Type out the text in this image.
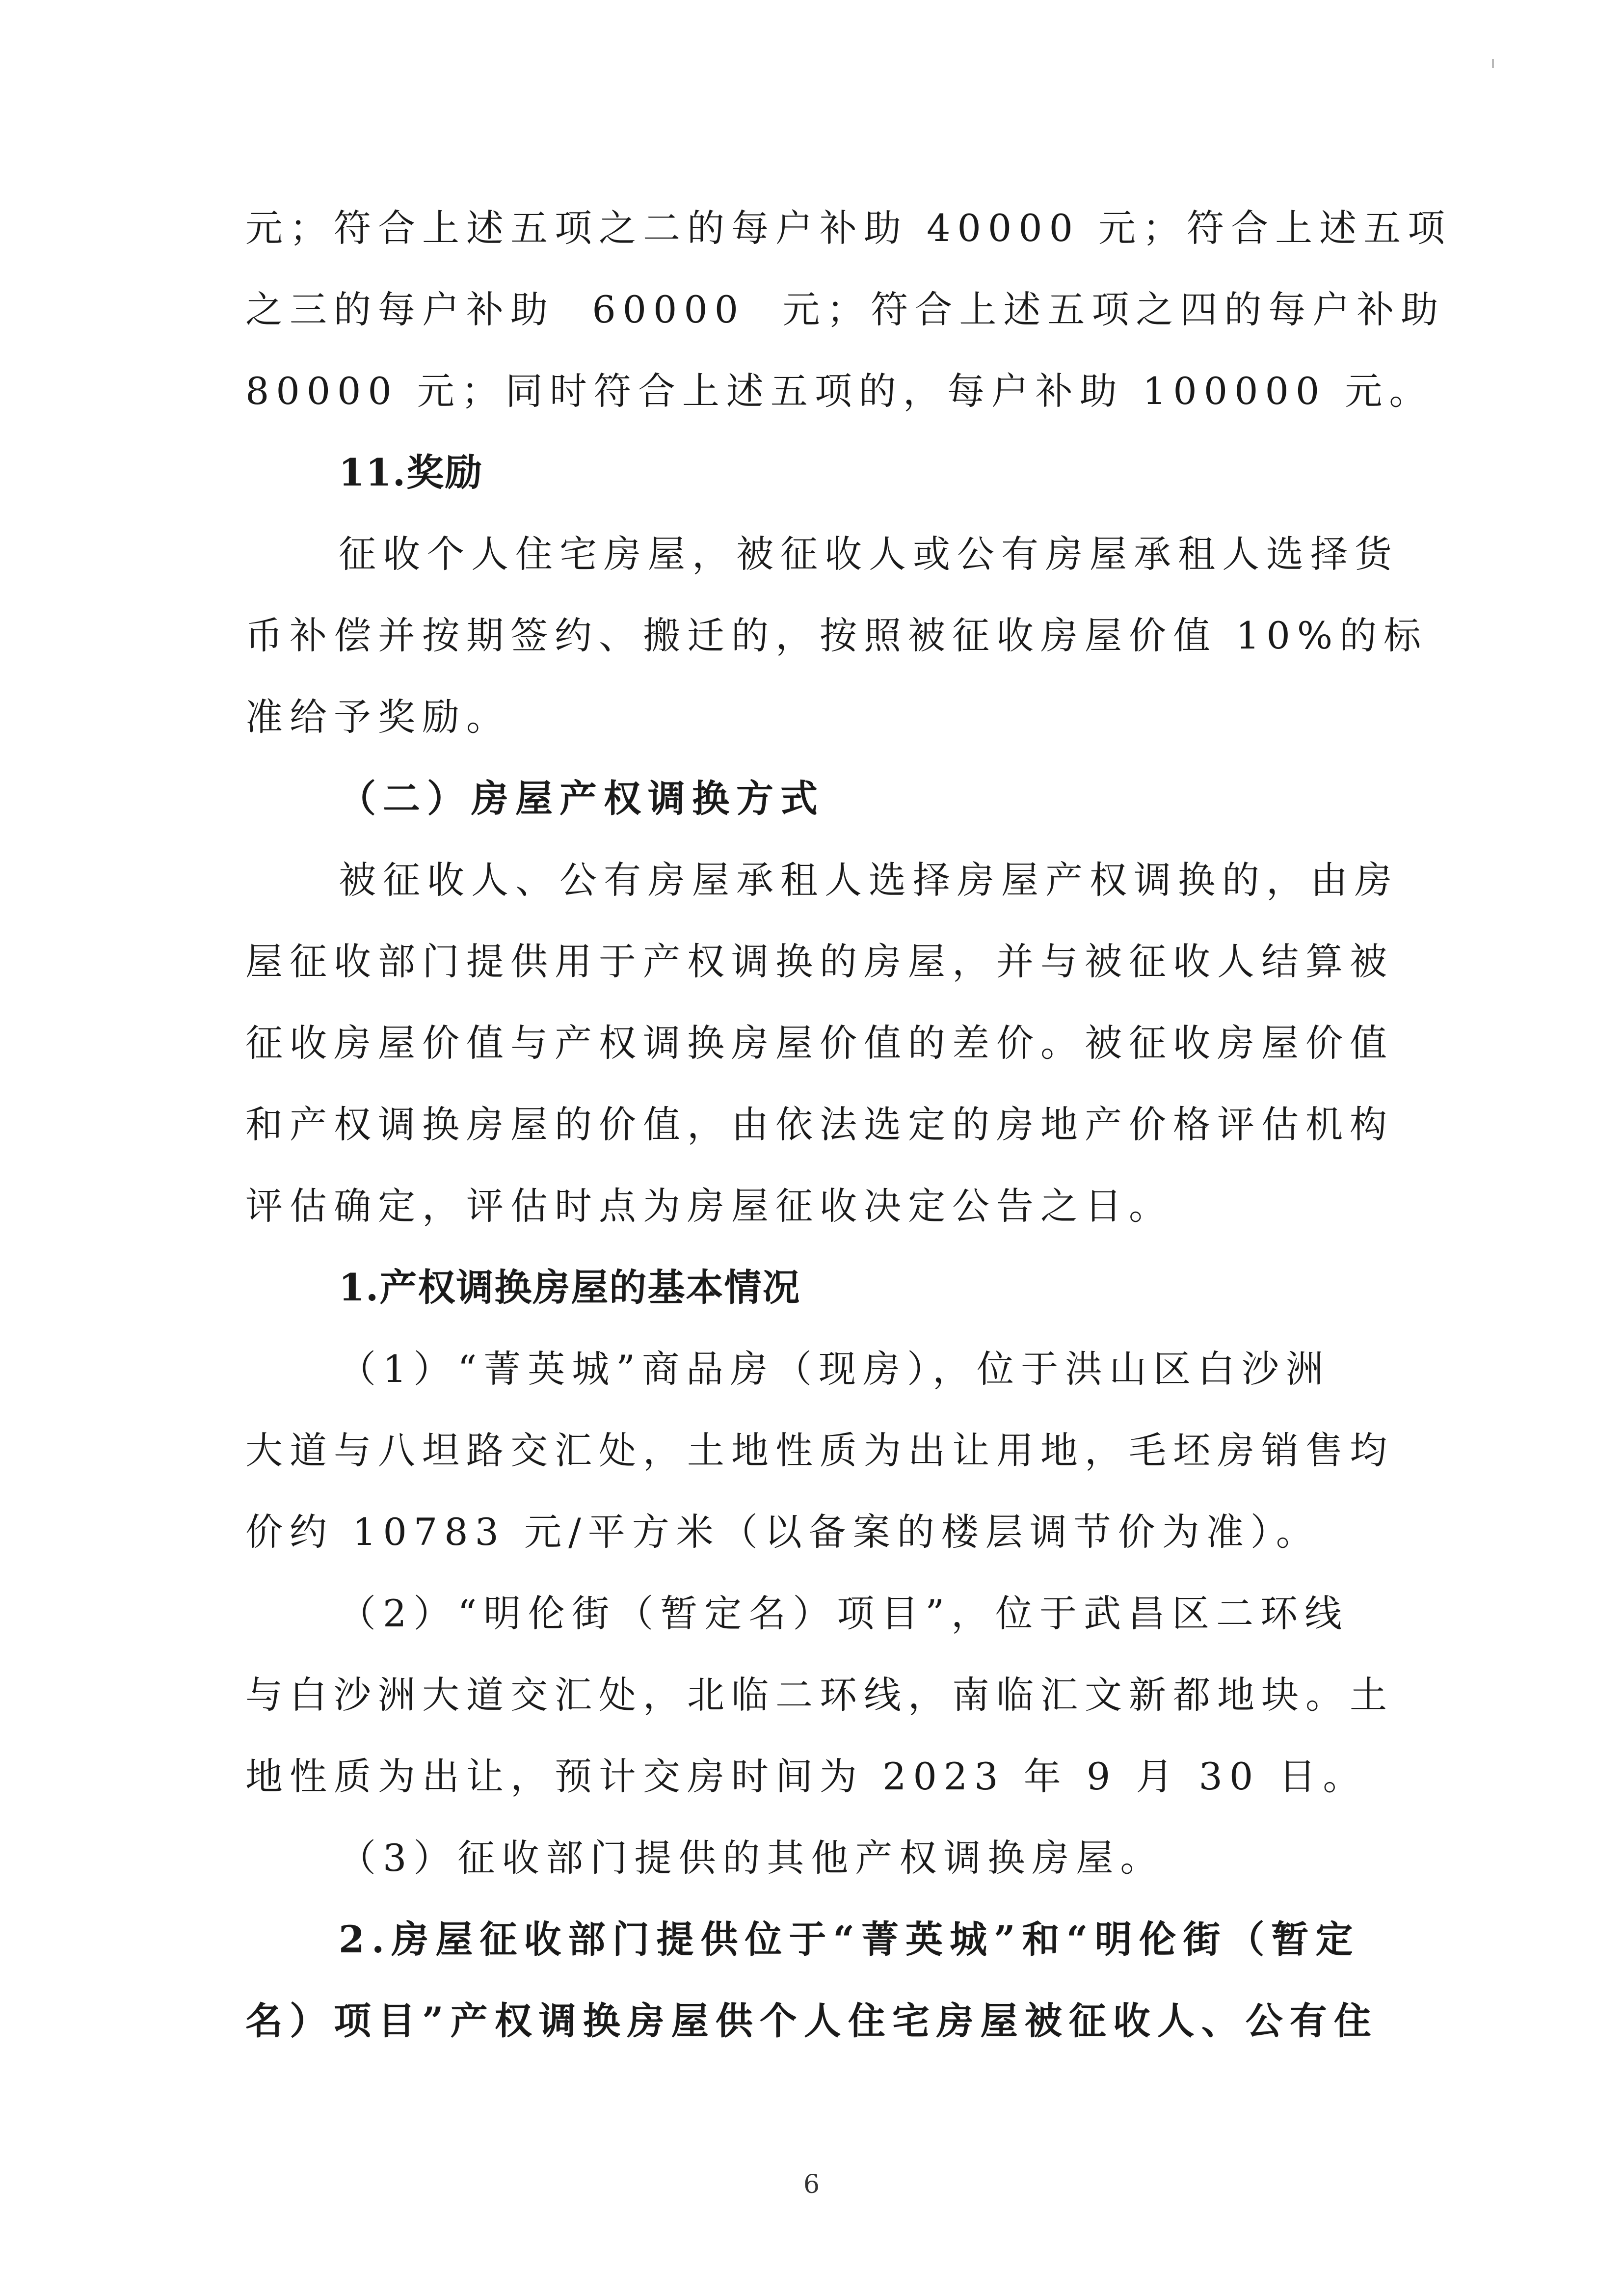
元；符合上述五项之二的每户补助 40000 元；符合上述五项
之三的每户补助  60000  元；符合上述五项之四的每户补助
80000 元；同时符合上述五项的，每户补助 100000 元。
11.奖励
征收个人住宅房屋，被征收人或公有房屋承租人选择货
币补偿并按期签约、搬迁的，按照被征收房屋价值 10%的标
准给予奖励。
（二）房屋产权调换方式
被征收人、公有房屋承租人选择房屋产权调换的，由房
屋征收部门提供用于产权调换的房屋，并与被征收人结算被
征收房屋价值与产权调换房屋价值的差价。被征收房屋价值
和产权调换房屋的价值，由依法选定的房地产价格评估机构
评估确定，评估时点为房屋征收决定公告之日。
1.产权调换房屋的基本情况
（1）“菁英城”商品房（现房），位于洪山区白沙洲
大道与八坦路交汇处，土地性质为出让用地，毛坯房销售均
价约 10783 元/平方米（以备案的楼层调节价为准）。
（2）“明伦街（暂定名）项目”，位于武昌区二环线
与白沙洲大道交汇处，北临二环线，南临汇文新都地块。土
地性质为出让，预计交房时间为 2023 年 9 月 30 日。
（3）征收部门提供的其他产权调换房屋。
2.房屋征收部门提供位于“菁英城”和“明伦街（暂定
名）项目”产权调换房屋供个人住宅房屋被征收人、公有住
6
